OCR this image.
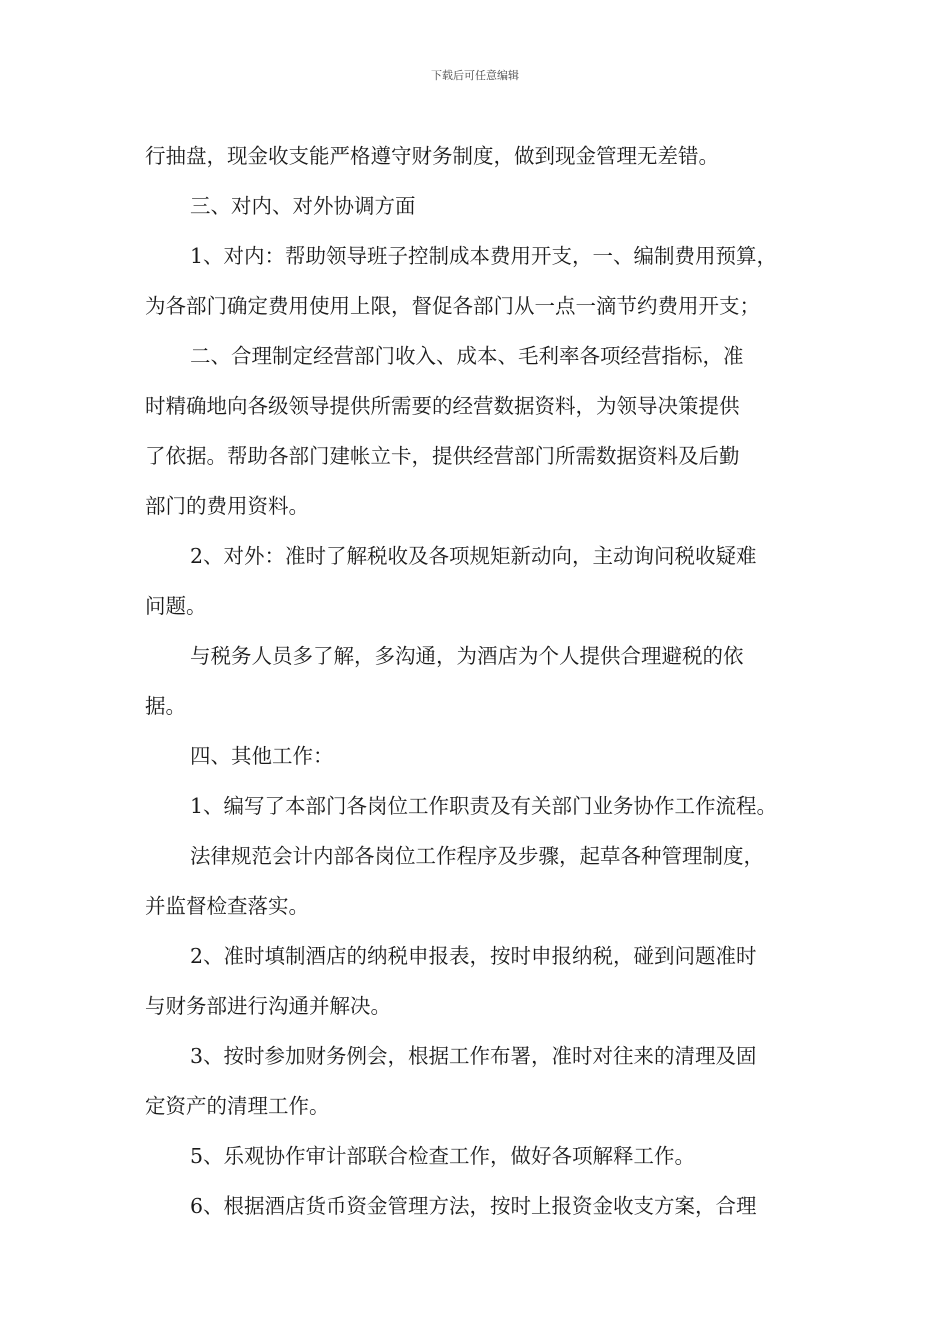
下载后可任意编辑
行抽盘，现金收支能严格遵守财务制度，做到现金管理无差错。
三、对内、对外协调方面
1、对内：帮助领导班子控制成本费用开支，一、编制费用预算，
为各部门确定费用使用上限，督促各部门从一点一滴节约费用开支；
二、合理制定经营部门收入、成本、毛利率各项经营指标，准
时精确地向各级领导提供所需要的经营数据资料，为领导决策提供
了依据。帮助各部门建帐立卡，提供经营部门所需数据资料及后勤
部门的费用资料。
2、对外：准时了解税收及各项规矩新动向，主动询问税收疑难
问题。
与税务人员多了解，多沟通，为酒店为个人提供合理避税的依
据。
四、其他工作：
1、编写了本部门各岗位工作职责及有关部门业务协作工作流程。
法律规范会计内部各岗位工作程序及步骤，起草各种管理制度，
并监督检查落实。
2、准时填制酒店的纳税申报表，按时申报纳税，碰到问题准时
与财务部进行沟通并解决。
3、按时参加财务例会，根据工作布署，准时对往来的清理及固
定资产的清理工作。
5、乐观协作审计部联合检查工作，做好各项解释工作。
6、根据酒店货币资金管理方法，按时上报资金收支方案，合理
